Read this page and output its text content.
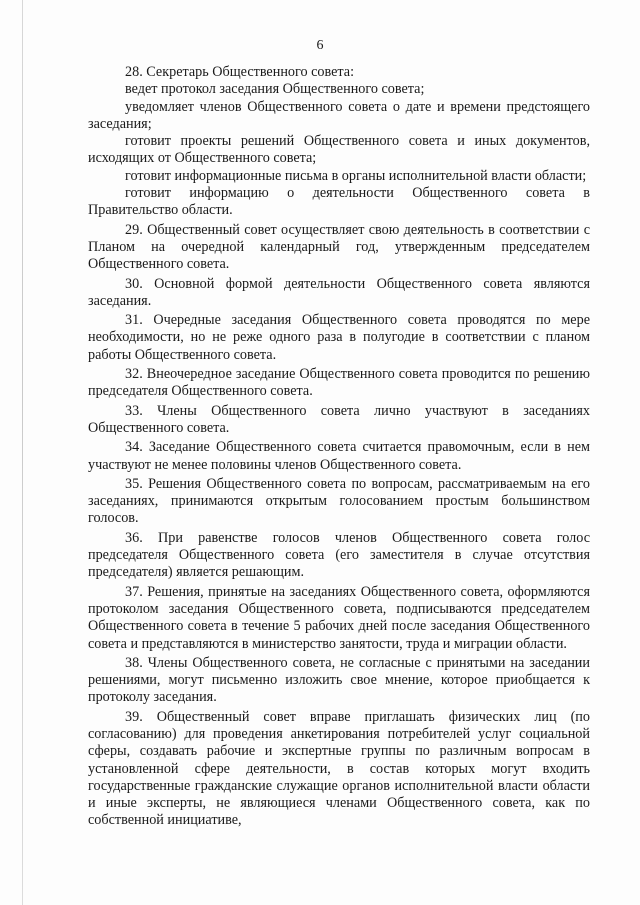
6

28. Секретарь Общественного совета:

ведет протокол заседания Общественного совета;

уведомляет членов Общественного совета о дате и времени предстоящего заседания;

готовит проекты решений Общественного совета и иных документов, исходящих от Общественного совета;

готовит информационные письма в органы исполнительной власти области;

готовит информацию о деятельности Общественного совета в Правительство области.

29. Общественный совет осуществляет свою деятельность в соответствии с Планом на очередной календарный год, утвержденным председателем Общественного совета.

30. Основной формой деятельности Общественного совета являются заседания.

31. Очередные заседания Общественного совета проводятся по мере необходимости, но не реже одного раза в полугодие в соответствии с планом работы Общественного совета.

32. Внеочередное заседание Общественного совета проводится по решению председателя Общественного совета.

33. Члены Общественного совета лично участвуют в заседаниях Общественного совета.

34. Заседание Общественного совета считается правомочным, если в нем участвуют не менее половины членов Общественного совета.

35. Решения Общественного совета по вопросам, рассматриваемым на его заседаниях, принимаются открытым голосованием простым большинством голосов.

36. При равенстве голосов членов Общественного совета голос председателя Общественного совета (его заместителя в случае отсутствия председателя) является решающим.

37. Решения, принятые на заседаниях Общественного совета, оформляются протоколом заседания Общественного совета, подписываются председателем Общественного совета в течение 5 рабочих дней после заседания Общественного совета и представляются в министерство занятости, труда и миграции области.

38. Члены Общественного совета, не согласные с принятыми на заседании решениями, могут письменно изложить свое мнение, которое приобщается к протоколу заседания.

39. Общественный совет вправе приглашать физических лиц (по согласованию) для проведения анкетирования потребителей услуг социальной сферы, создавать рабочие и экспертные группы по различным вопросам в установленной сфере деятельности, в состав которых могут входить государственные гражданские служащие органов исполнительной власти области и иные эксперты, не являющиеся членами Общественного совета, как по собственной инициативе,
